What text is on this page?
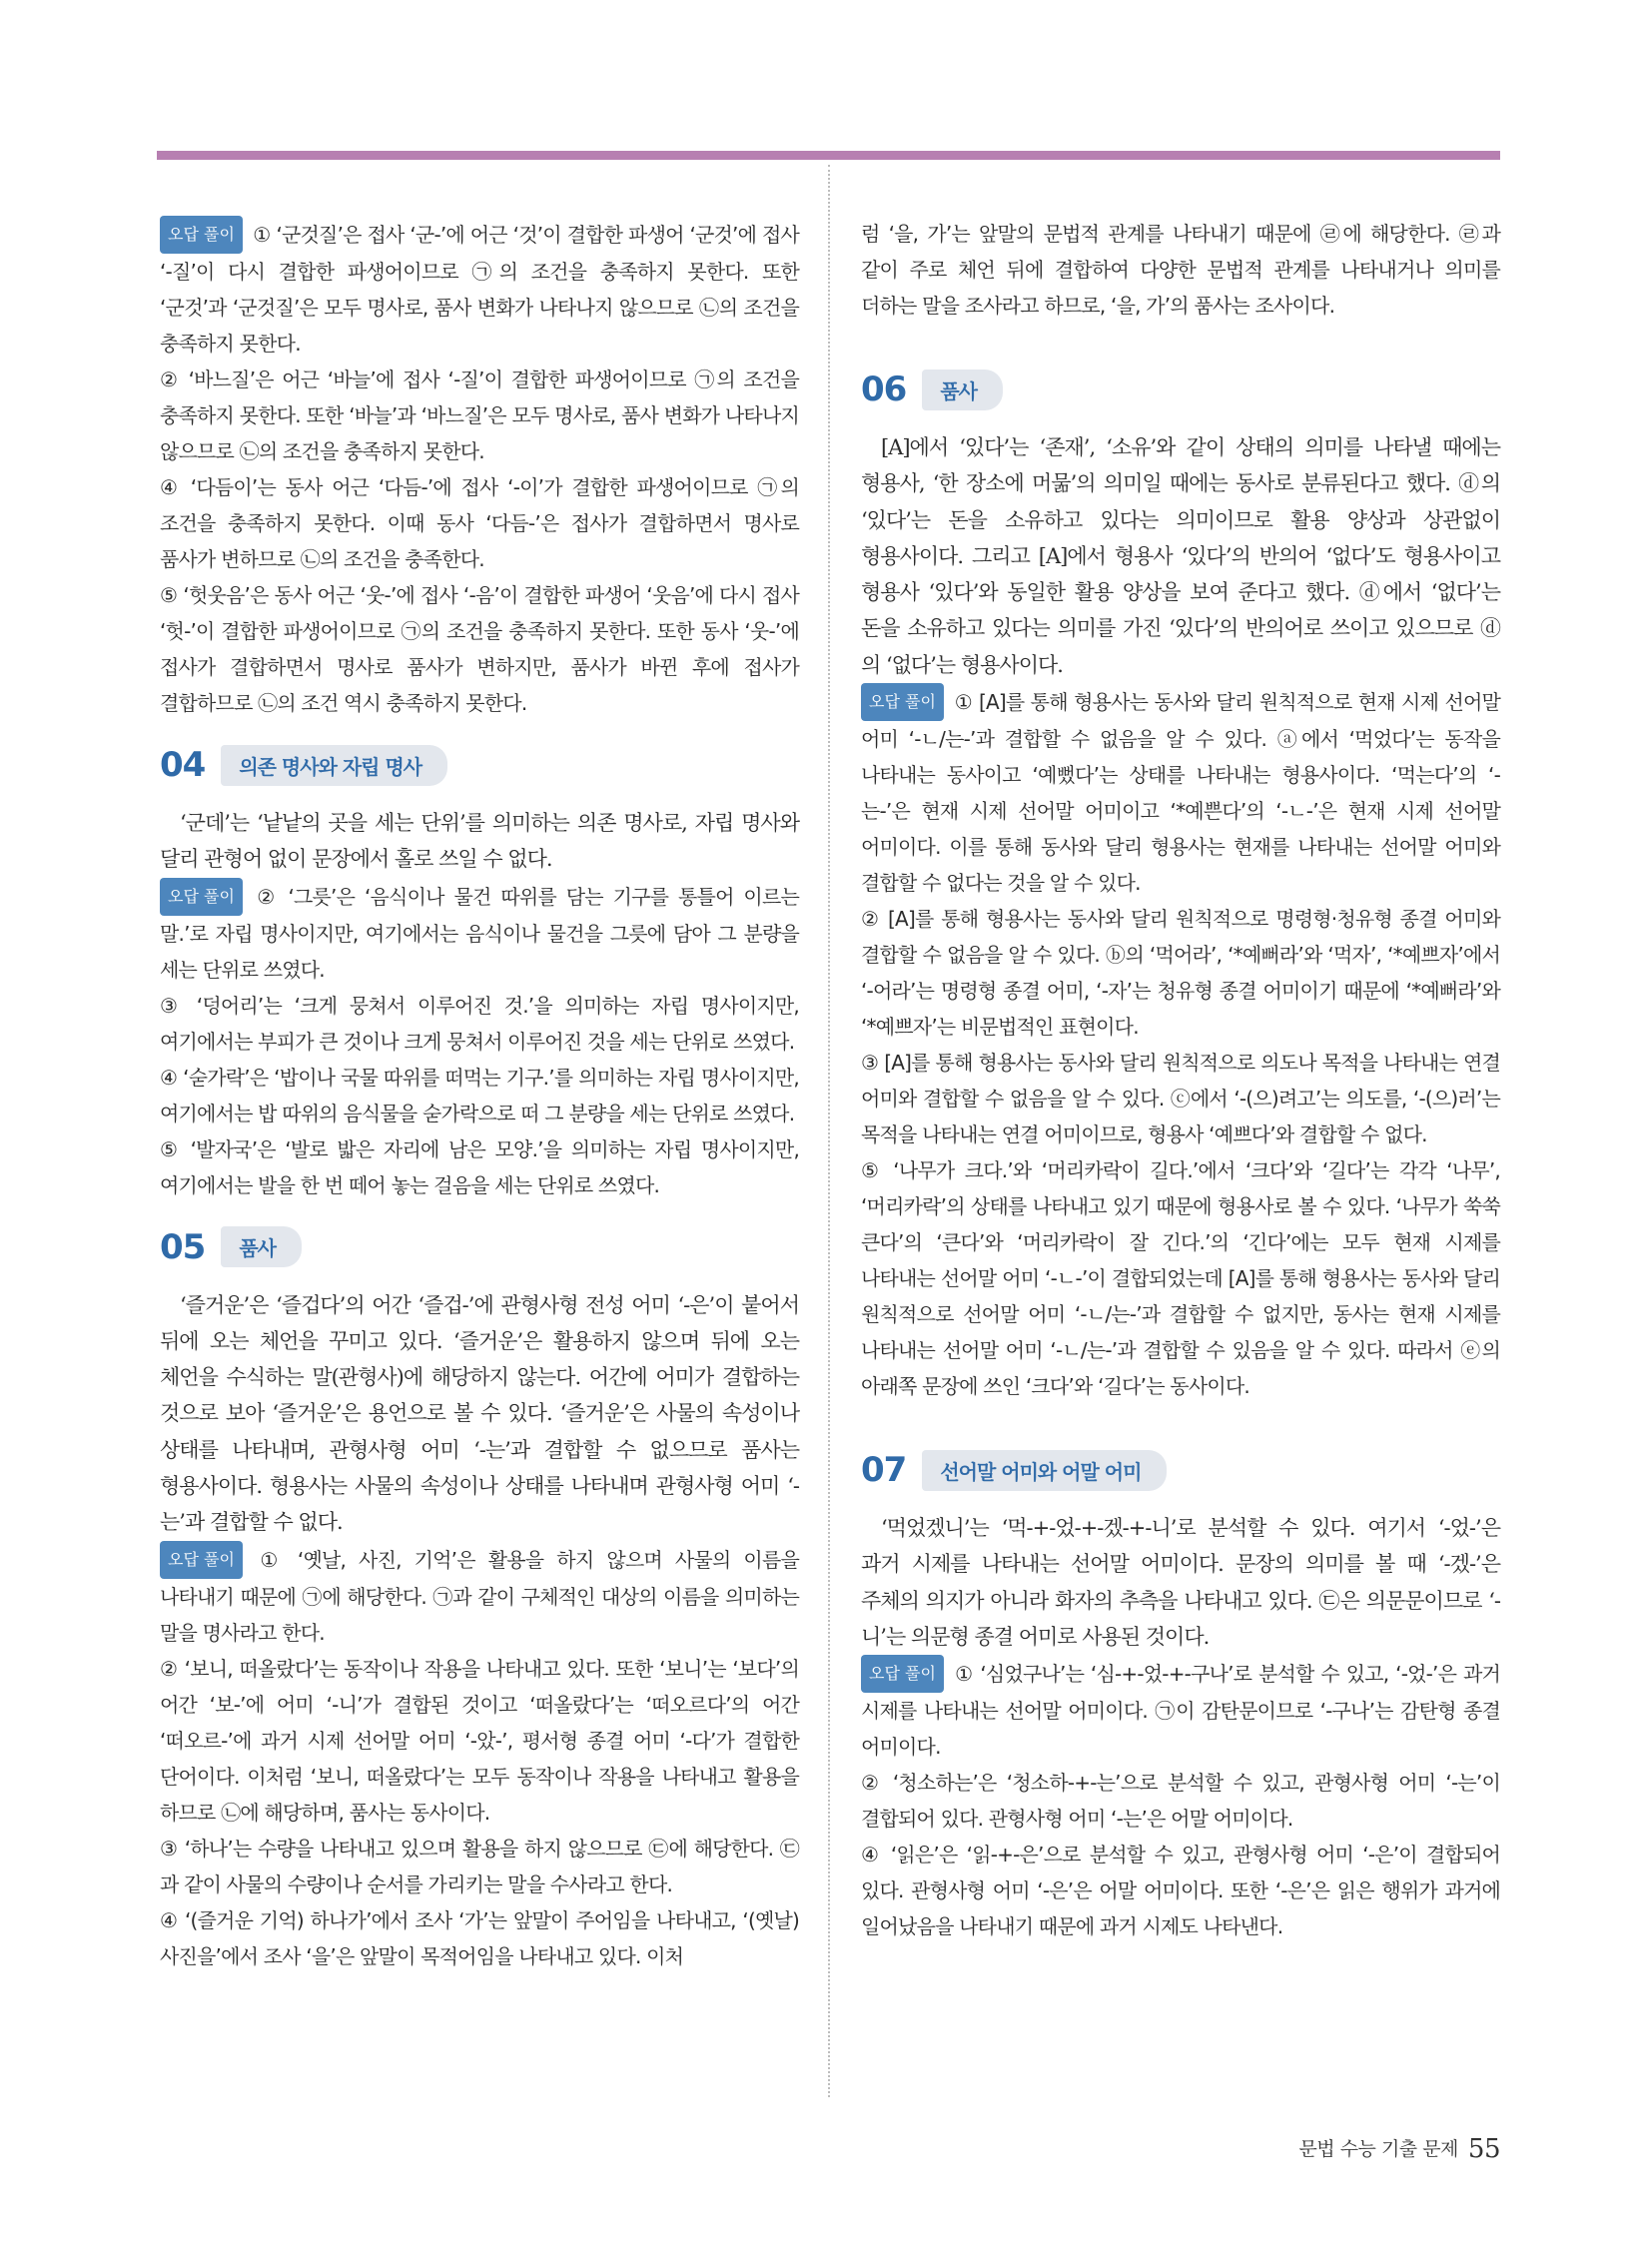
오답 풀이 ① ‘군것질’은 접사 ‘군-’에 어근 ‘것’이 결합한 파생어 ‘군것’에 접사 ‘-질’이 다시 결합한 파생어이므로 ㉠의 조건을 충족하지 못한다. 또한 ‘군것’과 ‘군것질’은 모두 명사로, 품사 변화가 나타나지 않으므로 ㉡의 조건을 충족하지 못한다.

② ‘바느질’은 어근 ‘바늘’에 접사 ‘-질’이 결합한 파생어이므로 ㉠의 조건을 충족하지 못한다. 또한 ‘바늘’과 ‘바느질’은 모두 명사로, 품사 변화가 나타나지 않으므로 ㉡의 조건을 충족하지 못한다.

④ ‘다듬이’는 동사 어근 ‘다듬-’에 접사 ‘-이’가 결합한 파생어이므로 ㉠의 조건을 충족하지 못한다. 이때 동사 ‘다듬-’은 접사가 결합하면서 명사로 품사가 변하므로 ㉡의 조건을 충족한다.

⑤ ‘헛웃음’은 동사 어근 ‘웃-’에 접사 ‘-음’이 결합한 파생어 ‘웃음’에 다시 접사 ‘헛-’이 결합한 파생어이므로 ㉠의 조건을 충족하지 못한다. 또한 동사 ‘웃-’에 접사가 결합하면서 명사로 품사가 변하지만, 품사가 바뀐 후에 접사가 결합하므로 ㉡의 조건 역시 충족하지 못한다.

04	의존 명사와 자립 명사

‘군데’는 ‘낱낱의 곳을 세는 단위’를 의미하는 의존 명사로, 자립 명사와 달리 관형어 없이 문장에서 홀로 쓰일 수 없다.

오답 풀이 ② ‘그릇’은 ‘음식이나 물건 따위를 담는 기구를 통틀어 이르는 말.’로 자립 명사이지만, 여기에서는 음식이나 물건을 그릇에 담아 그 분량을 세는 단위로 쓰였다.

③ ‘덩어리’는 ‘크게 뭉쳐서 이루어진 것.’을 의미하는 자립 명사이지만, 여기에서는 부피가 큰 것이나 크게 뭉쳐서 이루어진 것을 세는 단위로 쓰였다.

④ ‘숟가락’은 ‘밥이나 국물 따위를 떠먹는 기구.’를 의미하는 자립 명사이지만, 여기에서는 밥 따위의 음식물을 숟가락으로 떠 그 분량을 세는 단위로 쓰였다.

⑤ ‘발자국’은 ‘발로 밟은 자리에 남은 모양.’을 의미하는 자립 명사이지만, 여기에서는 발을 한 번 떼어 놓는 걸음을 세는 단위로 쓰였다.

05	품사

‘즐거운’은 ‘즐겁다’의 어간 ‘즐겁-’에 관형사형 전성 어미 ‘-은’이 붙어서 뒤에 오는 체언을 꾸미고 있다. ‘즐거운’은 활용하지 않으며 뒤에 오는 체언을 수식하는 말(관형사)에 해당하지 않는다. 어간에 어미가 결합하는 것으로 보아 ‘즐거운’은 용언으로 볼 수 있다. ‘즐거운’은 사물의 속성이나 상태를 나타내며, 관형사형 어미 ‘-는’과 결합할 수 없으므로 품사는 형용사이다. 형용사는 사물의 속성이나 상태를 나타내며 관형사형 어미 ‘-는’과 결합할 수 없다.

오답 풀이 ① ‘옛날, 사진, 기억’은 활용을 하지 않으며 사물의 이름을 나타내기 때문에 ㉠에 해당한다. ㉠과 같이 구체적인 대상의 이름을 의미하는 말을 명사라고 한다.

② ‘보니, 떠올랐다’는 동작이나 작용을 나타내고 있다. 또한 ‘보니’는 ‘보다’의 어간 ‘보-’에 어미 ‘-니’가 결합된 것이고 ‘떠올랐다’는 ‘떠오르다’의 어간 ‘떠오르-’에 과거 시제 선어말 어미 ‘-았-’, 평서형 종결 어미 ‘-다’가 결합한 단어이다. 이처럼 ‘보니, 떠올랐다’는 모두 동작이나 작용을 나타내고 활용을 하므로 ㉡에 해당하며, 품사는 동사이다.

③ ‘하나’는 수량을 나타내고 있으며 활용을 하지 않으므로 ㉢에 해당한다. ㉢과 같이 사물의 수량이나 순서를 가리키는 말을 수사라고 한다.

④ ‘(즐거운 기억) 하나가’에서 조사 ‘가’는 앞말이 주어임을 나타내고, ‘(옛날) 사진을’에서 조사 ‘을’은 앞말이 목적어임을 나타내고 있다. 이처

럼 ‘을, 가’는 앞말의 문법적 관계를 나타내기 때문에 ㉣에 해당한다. ㉣과 같이 주로 체언 뒤에 결합하여 다양한 문법적 관계를 나타내거나 의미를 더하는 말을 조사라고 하므로, ‘을, 가’의 품사는 조사이다.

06	품사

[A]에서 ‘있다’는 ‘존재’, ‘소유’와 같이 상태의 의미를 나타낼 때에는 형용사, ‘한 장소에 머묾’의 의미일 때에는 동사로 분류된다고 했다. ⓓ의 ‘있다’는 돈을 소유하고 있다는 의미이므로 활용 양상과 상관없이 형용사이다. 그리고 [A]에서 형용사 ‘있다’의 반의어 ‘없다’도 형용사이고 형용사 ‘있다’와 동일한 활용 양상을 보여 준다고 했다. ⓓ에서 ‘없다’는 돈을 소유하고 있다는 의미를 가진 ‘있다’의 반의어로 쓰이고 있으므로 ⓓ의 ‘없다’는 형용사이다.

오답 풀이 ① [A]를 통해 형용사는 동사와 달리 원칙적으로 현재 시제 선어말 어미 ‘-ㄴ/는-’과 결합할 수 없음을 알 수 있다. ⓐ에서 ‘먹었다’는 동작을 나타내는 동사이고 ‘예뻤다’는 상태를 나타내는 형용사이다. ‘먹는다’의 ‘-는-’은 현재 시제 선어말 어미이고 ‘*예쁜다’의 ‘-ㄴ-’은 현재 시제 선어말 어미이다. 이를 통해 동사와 달리 형용사는 현재를 나타내는 선어말 어미와 결합할 수 없다는 것을 알 수 있다.

② [A]를 통해 형용사는 동사와 달리 원칙적으로 명령형·청유형 종결 어미와 결합할 수 없음을 알 수 있다. ⓑ의 ‘먹어라’, ‘*예뻐라’와 ‘먹자’, ‘*예쁘자’에서 ‘-어라’는 명령형 종결 어미, ‘-자’는 청유형 종결 어미이기 때문에 ‘*예뻐라’와 ‘*예쁘자’는 비문법적인 표현이다.

③ [A]를 통해 형용사는 동사와 달리 원칙적으로 의도나 목적을 나타내는 연결 어미와 결합할 수 없음을 알 수 있다. ⓒ에서 ‘-(으)려고’는 의도를, ‘-(으)러’는 목적을 나타내는 연결 어미이므로, 형용사 ‘예쁘다’와 결합할 수 없다.

⑤ ‘나무가 크다.’와 ‘머리카락이 길다.’에서 ‘크다’와 ‘길다’는 각각 ‘나무’, ‘머리카락’의 상태를 나타내고 있기 때문에 형용사로 볼 수 있다. ‘나무가 쑥쑥 큰다’의 ‘큰다’와 ‘머리카락이 잘 긴다.’의 ‘긴다’에는 모두 현재 시제를 나타내는 선어말 어미 ‘-ㄴ-’이 결합되었는데 [A]를 통해 형용사는 동사와 달리 원칙적으로 선어말 어미 ‘-ㄴ/는-’과 결합할 수 없지만, 동사는 현재 시제를 나타내는 선어말 어미 ‘-ㄴ/는-’과 결합할 수 있음을 알 수 있다. 따라서 ⓔ의 아래쪽 문장에 쓰인 ‘크다’와 ‘길다’는 동사이다.

07	선어말 어미와 어말 어미

‘먹었겠니’는 ‘먹-+-었-+-겠-+-니’로 분석할 수 있다. 여기서 ‘-었-’은 과거 시제를 나타내는 선어말 어미이다. 문장의 의미를 볼 때 ‘-겠-’은 주체의 의지가 아니라 화자의 추측을 나타내고 있다. ㉢은 의문문이므로 ‘-니’는 의문형 종결 어미로 사용된 것이다.

오답 풀이 ① ‘심었구나’는 ‘심-+-었-+-구나’로 분석할 수 있고, ‘-었-’은 과거 시제를 나타내는 선어말 어미이다. ㉠이 감탄문이므로 ‘-구나’는 감탄형 종결 어미이다.

② ‘청소하는’은 ‘청소하-+-는’으로 분석할 수 있고, 관형사형 어미 ‘-는’이 결합되어 있다. 관형사형 어미 ‘-는’은 어말 어미이다.

④ ‘읽은’은 ‘읽-+-은’으로 분석할 수 있고, 관형사형 어미 ‘-은’이 결합되어 있다. 관형사형 어미 ‘-은’은 어말 어미이다. 또한 ‘-은’은 읽은 행위가 과거에 일어났음을 나타내기 때문에 과거 시제도 나타낸다.

문법 수능 기출 문제 55
